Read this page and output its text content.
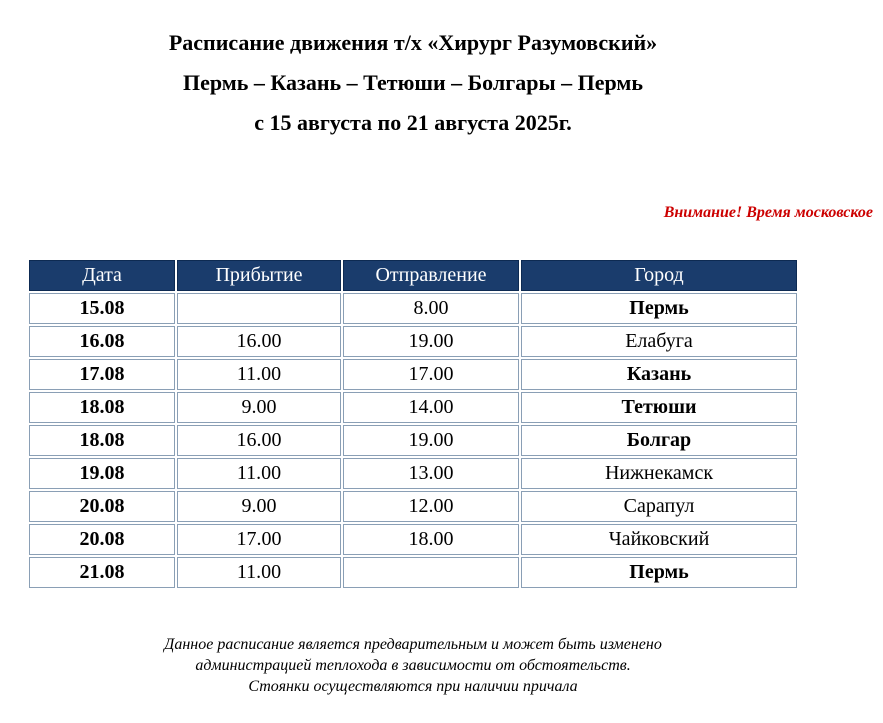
Расписание движения т/х «Хирург Разумовский»
Пермь – Казань – Тетюши – Болгары – Пермь
с 15 августа по 21 августа 2025г.
Внимание! Время московское
Дата	Прибытие	Отправление	Город
15.08		8.00	Пермь
16.08	16.00	19.00	Елабуга
17.08	11.00	17.00	Казань
18.08	9.00	14.00	Тетюши
18.08	16.00	19.00	Болгар
19.08	11.00	13.00	Нижнекамск
20.08	9.00	12.00	Сарапул
20.08	17.00	18.00	Чайковский
21.08	11.00		Пермь
Данное расписание является предварительным и может быть изменено
администрацией теплохода в зависимости от обстоятельств.
Стоянки осуществляются при наличии причала
